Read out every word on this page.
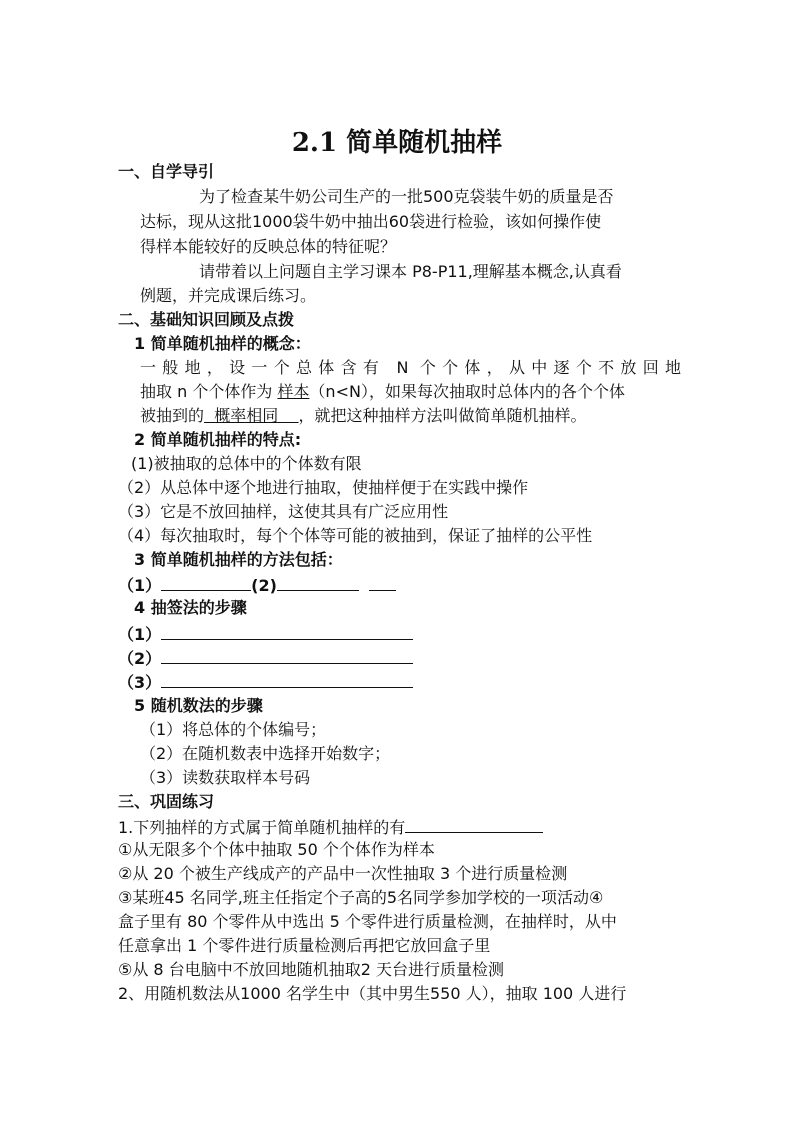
2.1 简单随机抽样
一、自学导引
为了检查某牛奶公司生产的一批500克袋装牛奶的质量是否
达标，现从这批1000袋牛奶中抽出60袋进行检验，该如何操作使
得样本能较好的反映总体的特征呢？
请带着以上问题自主学习课本 P8-P11,理解基本概念,认真看
例题，并完成课后练习。
二、基础知识回顾及点拨
1 简单随机抽样的概念：
一般地，设一个总体含有 N 个个体，从中逐个不放回地
抽取 n 个个体作为 样本（n<N），如果每次抽取时总体内的各个个体
被抽到的  概率相同    ，就把这种抽样方法叫做简单随机抽样。
2 简单随机抽样的特点:
(1)被抽取的总体中的个体数有限
（2）从总体中逐个地进行抽取，使抽样便于在实践中操作
（3）它是不放回抽样，这使其具有广泛应用性
（4）每次抽取时，每个个体等可能的被抽到，保证了抽样的公平性
3 简单随机抽样的方法包括：
（1）	(2)
4 抽签法的步骤
（1）
（2）
（3）
5 随机数法的步骤
（1）将总体的个体编号；
（2）在随机数表中选择开始数字；
（3）读数获取样本号码
三、巩固练习
1.下列抽样的方式属于简单随机抽样的有
①从无限多个个体中抽取 50 个个体作为样本
②从 20 个被生产线成产的产品中一次性抽取 3 个进行质量检测
③某班45 名同学,班主任指定个子高的5名同学参加学校的一项活动④
盒子里有 80 个零件从中选出 5 个零件进行质量检测，在抽样时，从中
任意拿出 1 个零件进行质量检测后再把它放回盒子里
⑤从 8 台电脑中不放回地随机抽取2 天台进行质量检测
2、用随机数法从1000 名学生中（其中男生550 人），抽取 100 人进行
